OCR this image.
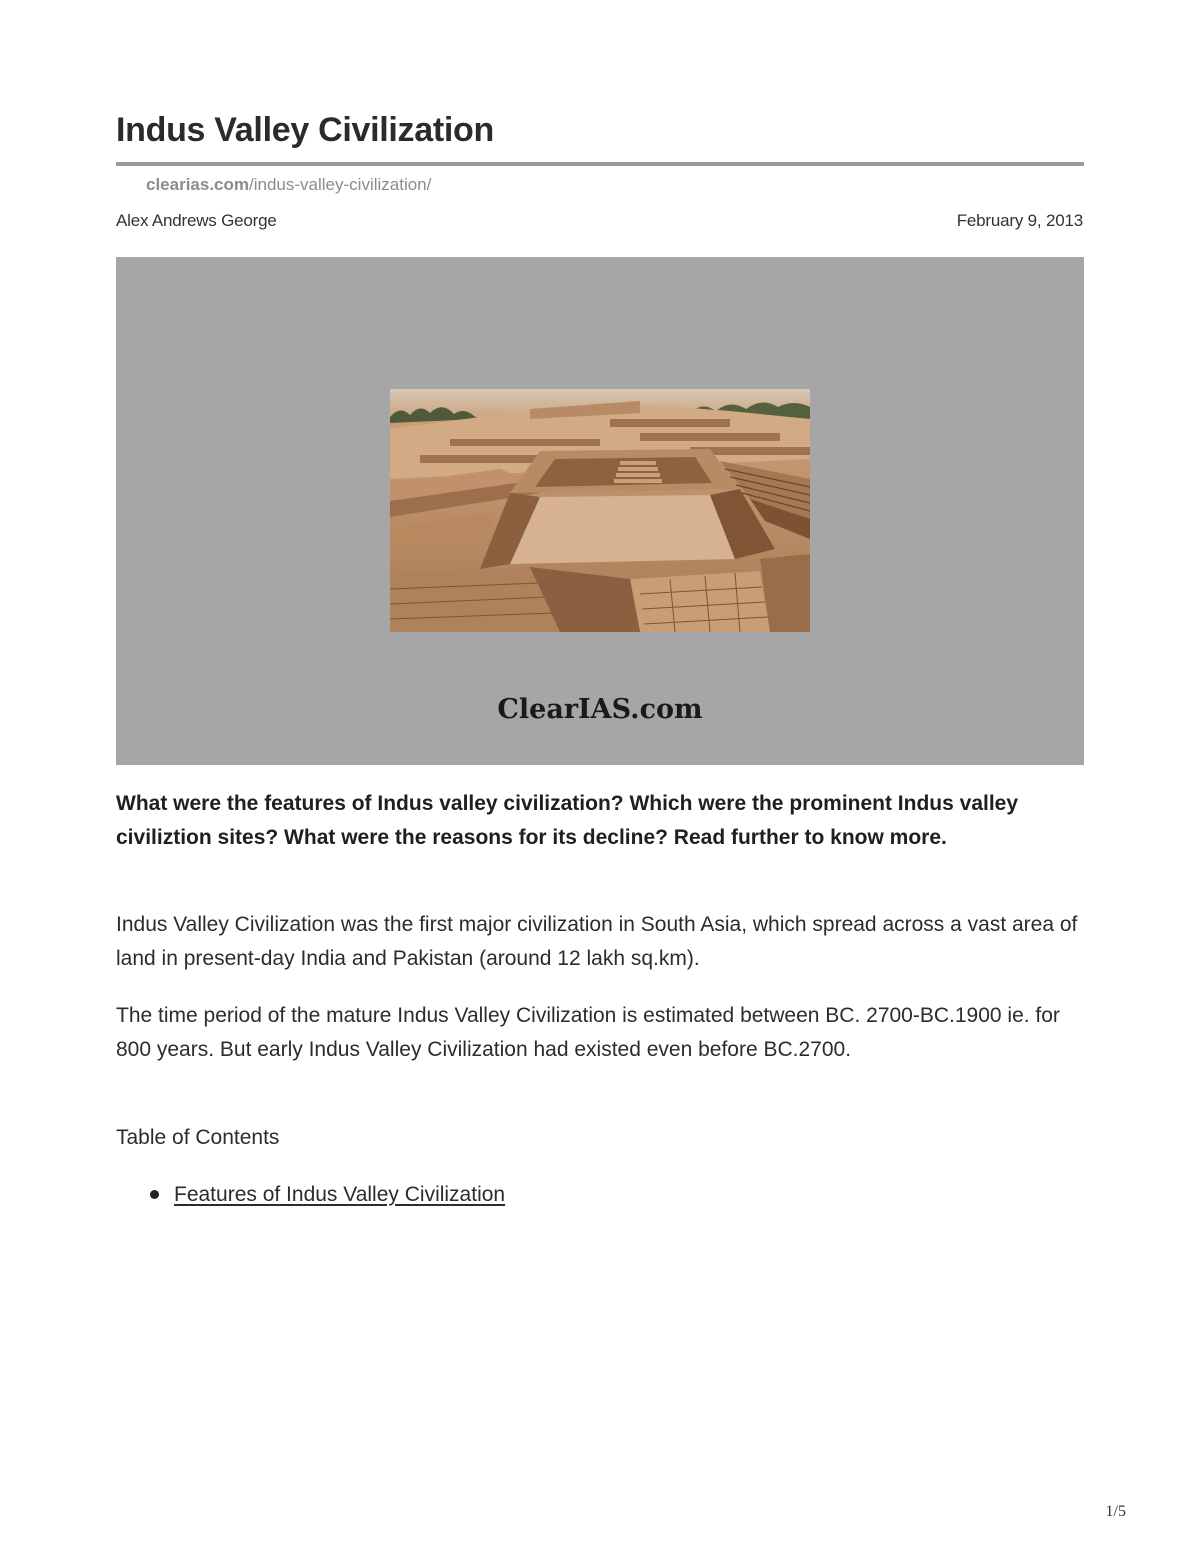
Indus Valley Civilization
clearias.com/indus-valley-civilization/
Alex Andrews George	February 9, 2013
ClearIAS.com

What were the features of Indus valley civilization? Which were the prominent Indus valley civiliztion sites? What were the reasons for its decline? Read further to know more.

Indus Valley Civilization was the first major civilization in South Asia, which spread across a vast area of land in present-day India and Pakistan (around 12 lakh sq.km).

The time period of the mature Indus Valley Civilization is estimated between BC. 2700-BC.1900 ie. for 800 years. But early Indus Valley Civilization had existed even before BC.2700.

Table of Contents

Features of Indus Valley Civilization
1/5
